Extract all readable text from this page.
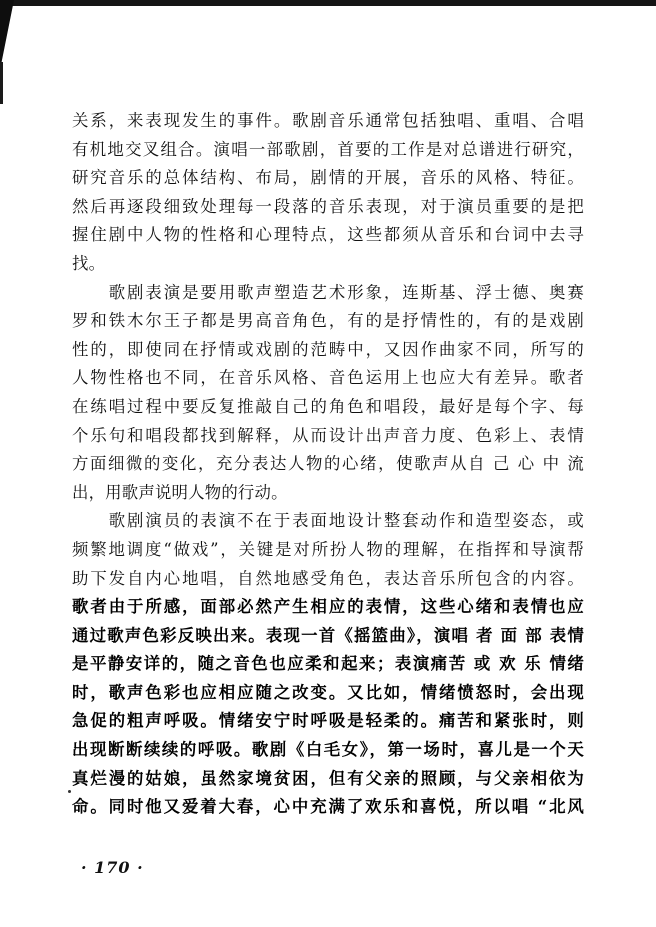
关系，来表现发生的事件。歌剧音乐通常包括独唱、重唱、合唱
有机地交叉组合。演唱一部歌剧，首要的工作是对总谱进行研究，
研究音乐的总体结构、布局，剧情的开展，音乐的风格、特征。
然后再逐段细致处理每一段落的音乐表现，对于演员重要的是把
握住剧中人物的性格和心理特点，这些都须从音乐和台词中去寻
找。
　　歌剧表演是要用歌声塑造艺术形象，连斯基、浮士德、奥赛
罗和铁木尔王子都是男高音角色，有的是抒情性的，有的是戏剧
性的，即使同在抒情或戏剧的范畴中，又因作曲家不同，所写的
人物性格也不同，在音乐风格、音色运用上也应大有差异。歌者
在练唱过程中要反复推敲自己的角色和唱段，最好是每个字、每
个乐句和唱段都找到解释，从而设计出声音力度、色彩上、表情
方面细微的变化，充分表达人物的心绪，使歌声从自 己 心 中 流
出，用歌声说明人物的行动。
　　歌剧演员的表演不在于表面地设计整套动作和造型姿态，或
频繁地调度“做戏”，关键是对所扮人物的理解，在指挥和导演帮
助下发自内心地唱，自然地感受角色，表达音乐所包含的内容。
歌者由于所感，面部必然产生相应的表情，这些心绪和表情也应
通过歌声色彩反映出来。表现一首《摇篮曲》，演唱 者 面 部 表情
是平静安详的，随之音色也应柔和起来；表演痛苦 或 欢 乐 情绪
时，歌声色彩也应相应随之改变。又比如，情绪愤怒时，会出现
急促的粗声呼吸。情绪安宁时呼吸是轻柔的。痛苦和紧张时，则
出现断断续续的呼吸。歌剧《白毛女》，第一场时，喜儿是一个天
真烂漫的姑娘，虽然家境贫困，但有父亲的照顾，与父亲相依为
命。同时他又爱着大春，心中充满了欢乐和喜悦，所以唱 “北风
· 170 ·
